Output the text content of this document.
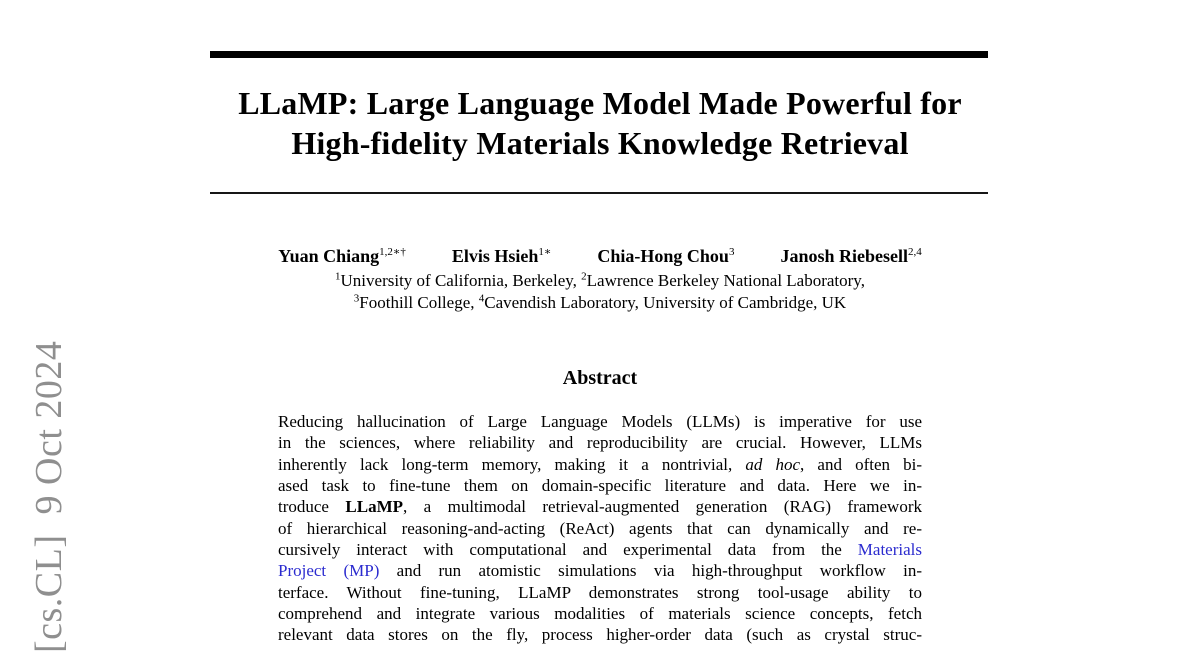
[cs.CL]  9 Oct 2024
LLaMP: Large Language Model Made Powerful for
High-fidelity Materials Knowledge Retrieval
Yuan Chiang$^{1,2∗\dagger}$	Elvis Hsieh$^{1∗}$	Chia-Hong Chou$^3$	Janosh Riebesell$^{2,4}$
$^1$University of California, Berkeley, $^2$Lawrence Berkeley National Laboratory,
$^3$Foothill College, $^4$Cavendish Laboratory, University of Cambridge, UK
Abstract
Reducing hallucination of Large Language Models (LLMs) is imperative for use
in the sciences, where reliability and reproducibility are crucial. However, LLMs
inherently lack long-term memory, making it a nontrivial, ad hoc, and often bi-
ased task to fine-tune them on domain-specific literature and data. Here we in-
troduce LLaMP, a multimodal retrieval-augmented generation (RAG) framework
of hierarchical reasoning-and-acting (ReAct) agents that can dynamically and re-
cursively interact with computational and experimental data from the Materials
Project (MP) and run atomistic simulations via high-throughput workflow in-
terface. Without fine-tuning, LLaMP demonstrates strong tool-usage ability to
comprehend and integrate various modalities of materials science concepts, fetch
relevant data stores on the fly, process higher-order data (such as crystal struc-
